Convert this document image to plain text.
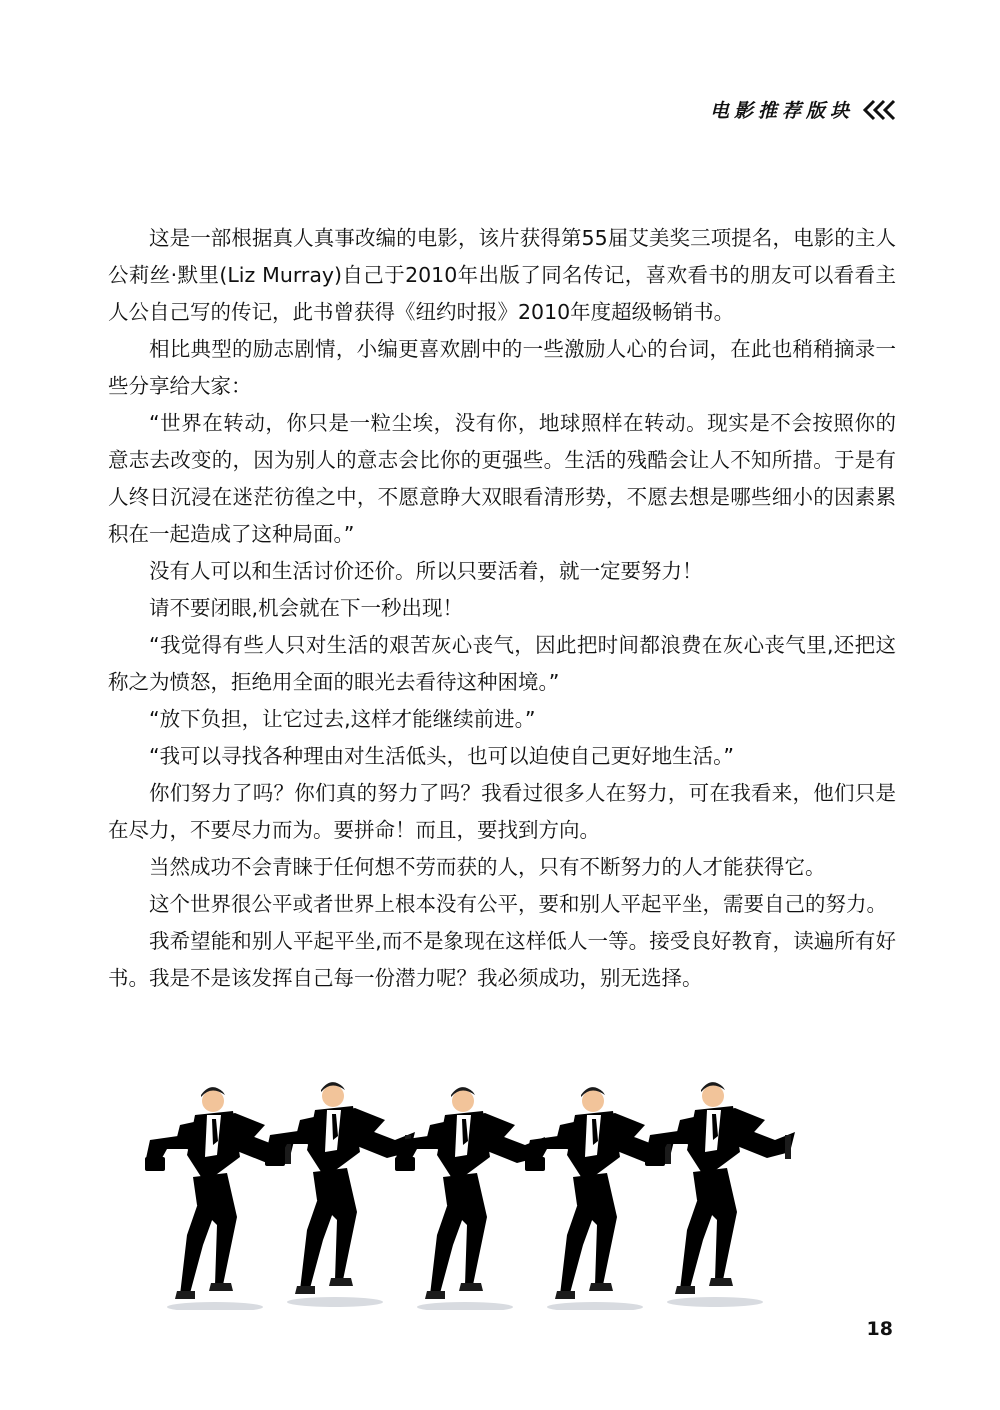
电影推荐版块

这是一部根据真人真事改编的电影，该片获得第55届艾美奖三项提名，电影的主人公莉丝·默里(Liz Murray)自己于2010年出版了同名传记，喜欢看书的朋友可以看看主人公自己写的传记，此书曾获得《纽约时报》2010年度超级畅销书。

相比典型的励志剧情，小编更喜欢剧中的一些激励人心的台词，在此也稍稍摘录一些分享给大家：

“世界在转动，你只是一粒尘埃，没有你，地球照样在转动。现实是不会按照你的意志去改变的，因为别人的意志会比你的更强些。生活的残酷会让人不知所措。于是有人终日沉浸在迷茫彷徨之中，不愿意睁大双眼看清形势，不愿去想是哪些细小的因素累积在一起造成了这种局面。”

没有人可以和生活讨价还价。所以只要活着，就一定要努力！

请不要闭眼,机会就在下一秒出现！

“我觉得有些人只对生活的艰苦灰心丧气，因此把时间都浪费在灰心丧气里,还把这称之为愤怒，拒绝用全面的眼光去看待这种困境。”

“放下负担，让它过去,这样才能继续前进。”

“我可以寻找各种理由对生活低头，也可以迫使自己更好地生活。”

你们努力了吗？你们真的努力了吗？我看过很多人在努力，可在我看来，他们只是在尽力，不要尽力而为。要拼命！而且，要找到方向。

当然成功不会青睐于任何想不劳而获的人，只有不断努力的人才能获得它。

这个世界很公平或者世界上根本没有公平，要和别人平起平坐，需要自己的努力。

我希望能和别人平起平坐,而不是象现在这样低人一等。接受良好教育，读遍所有好书。我是不是该发挥自己每一份潜力呢？我必须成功，别无选择。

18
